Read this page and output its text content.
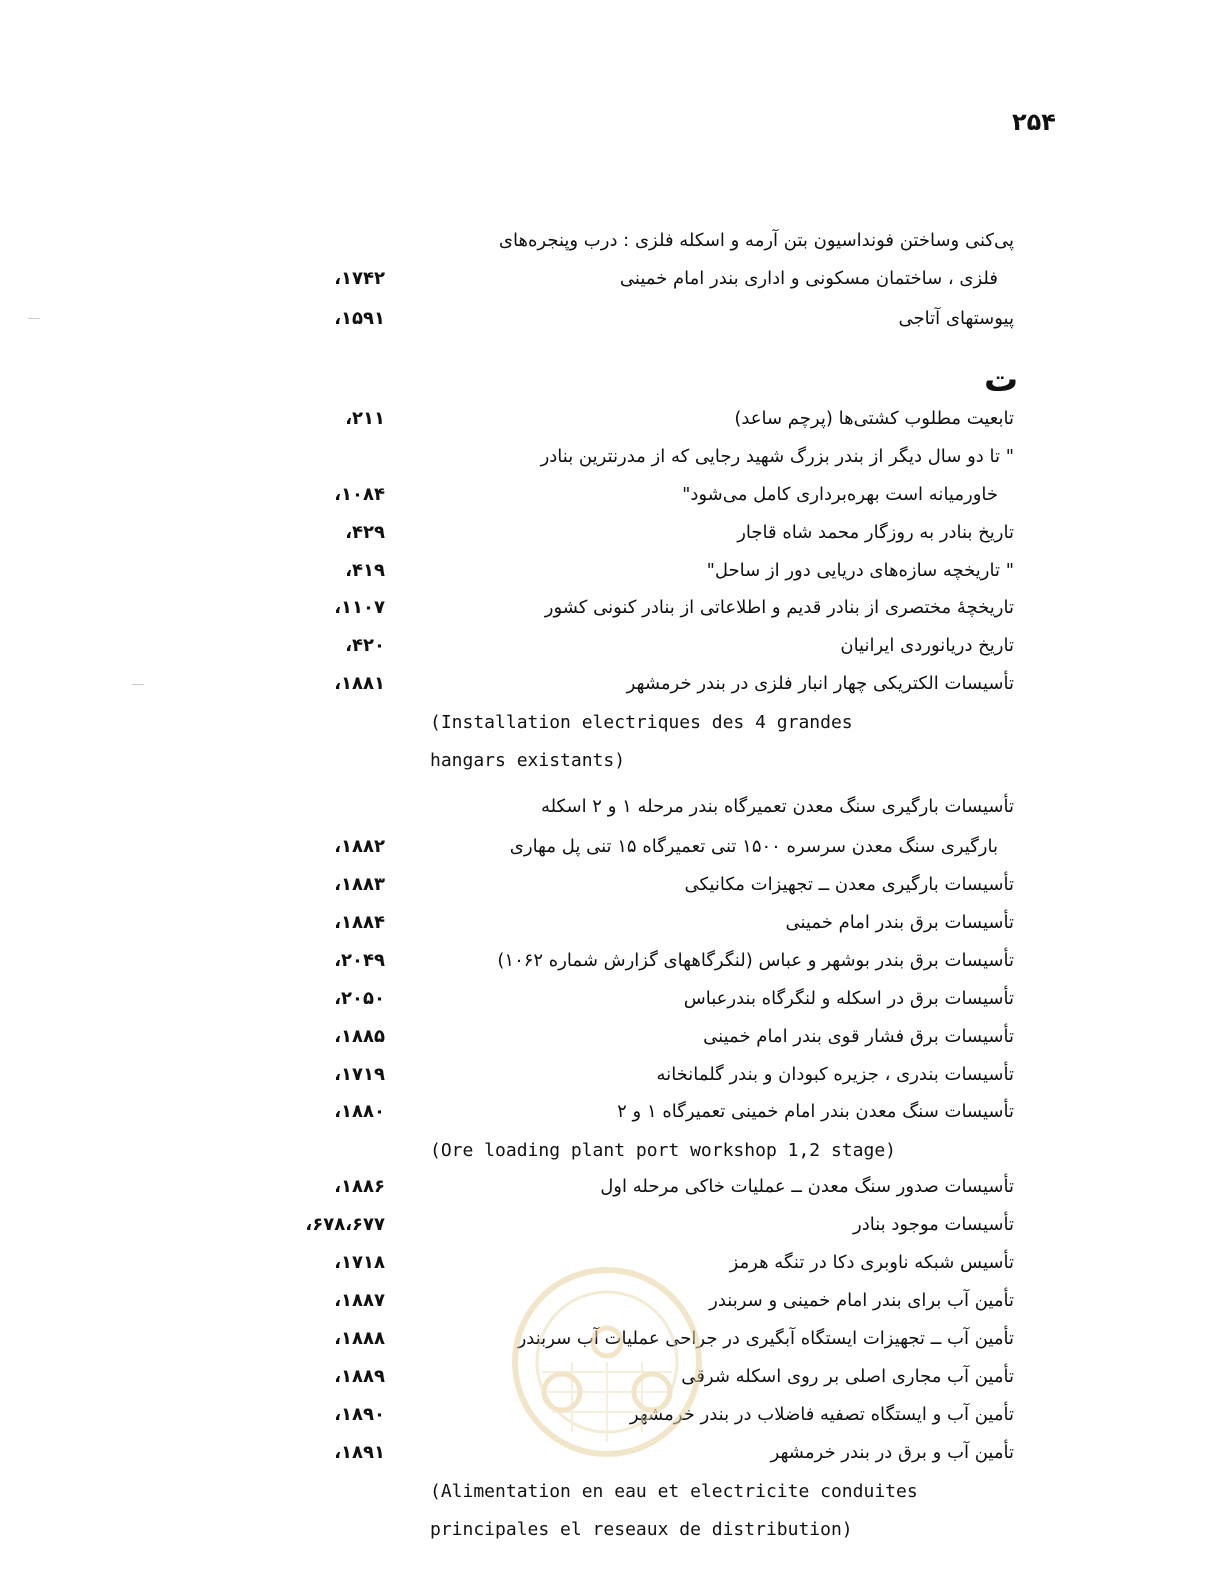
۲۵۴
پی‌کنی وساختن فونداسیون بتن آرمه و اسکله فلزی : درب وپنجره‌های
فلزی ، ساختمان مسکونی و اداری بندر امام خمینی
،۱۷۴۲
پیوستهای آتاجی
،۱۵۹۱
ت
تابعیت مطلوب کشتی‌ها (پرچم ساعد)
،۲۱۱
" تا دو سال دیگر از بندر بزرگ شهید رجایی که از مدرنترین بنادر
خاورمیانه است بهره‌برداری کامل می‌شود"
،۱۰۸۴
تاریخ بنادر به روزگار محمد شاه قاجار
،۴۲۹
" تاریخچه سازه‌های دریایی دور از ساحل"
،۴۱۹
تاریخچهٔ مختصری از بنادر قدیم و اطلاعاتی از بنادر کنونی کشور
،۱۱۰۷
تاریخ دریانوردی ایرانیان
،۴۲۰
تأسیسات الکتریکی چهار انبار فلزی در بندر خرمشهر
،۱۸۸۱
(Installation electriques des 4 grandes
hangars existants)
تأسیسات بارگیری سنگ معدن تعمیرگاه بندر مرحله ۱ و ۲ اسکله
بارگیری سنگ معدن سرسره ۱۵۰۰ تنی تعمیرگاه ۱۵ تنی پل مهاری
،۱۸۸۲
تأسیسات بارگیری معدن ــ تجهیزات مکانیکی
،۱۸۸۳
تأسیسات برق بندر امام خمینی
،۱۸۸۴
تأسیسات برق بندر بوشهر و عباس (لنگرگاههای گزارش شماره ۱۰۶۲)
،۲۰۴۹
تأسیسات برق در اسکله و لنگرگاه بندرعباس
،۲۰۵۰
تأسیسات برق فشار قوی بندر امام خمینی
،۱۸۸۵
تأسیسات بندری ، جزیره کبودان و بندر گلمانخانه
،۱۷۱۹
تأسیسات سنگ معدن بندر امام خمینی تعمیرگاه ۱ و ۲
،۱۸۸۰
(Ore loading plant port workshop 1,2 stage)
تأسیسات صدور سنگ معدن ــ عملیات خاکی مرحله اول
،۱۸۸۶
تأسیسات موجود بنادر
،۶۷۸،۶۷۷
تأسیس شبکه ناوبری دکا در تنگه هرمز
،۱۷۱۸
تأمین آب برای بندر امام خمینی و سربندر
،۱۸۸۷
تأمین آب ــ تجهیزات ایستگاه آبگیری در جراحی عملیات آب سربندر
،۱۸۸۸
تأمین آب مجاری اصلی بر روی اسکله شرقی
،۱۸۸۹
تأمین آب و ایستگاه تصفیه فاضلاب در بندر خرمشهر
،۱۸۹۰
تأمین آب و برق در بندر خرمشهر
،۱۸۹۱
(Alimentation en eau et electricite conduites
principales el reseaux de distribution)
